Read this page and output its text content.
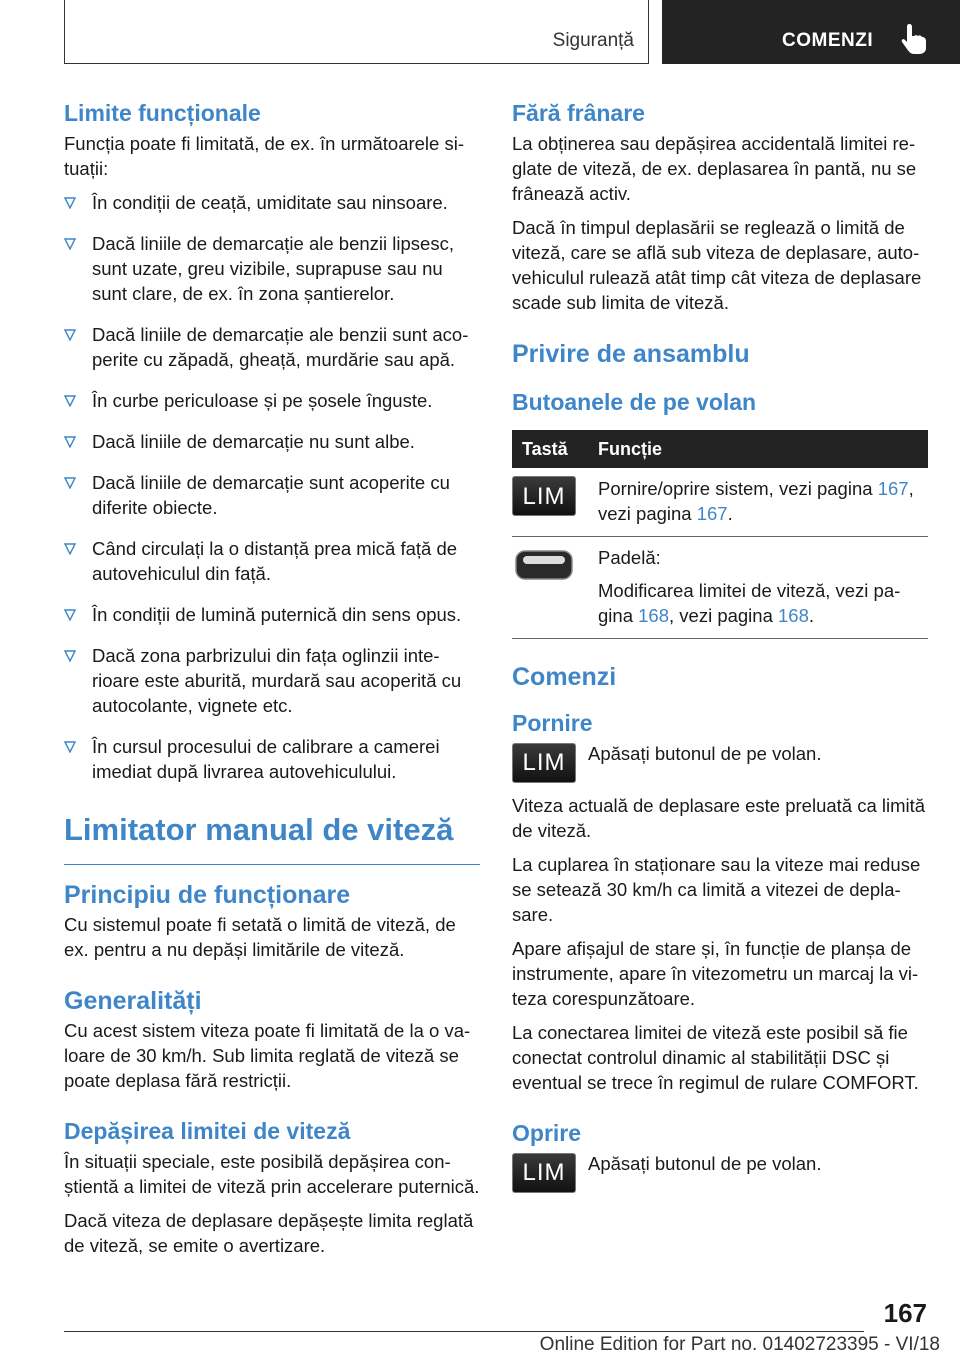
Siguranță	COMENZI
Limite funcționale

Funcția poate fi limitată, de ex. în următoarele situații:

În condiții de ceață, umiditate sau ninsoare.
Dacă liniile de demarcație ale benzii lipsesc, sunt uzate, greu vizibile, suprapuse sau nu sunt clare, de ex. în zona șantierelor.
Dacă liniile de demarcație ale benzii sunt acoperite cu zăpadă, gheață, murdărie sau apă.
În curbe periculoase și pe șosele înguste.
Dacă liniile de demarcație nu sunt albe.
Dacă liniile de demarcație sunt acoperite cu diferite obiecte.
Când circulați la o distanță prea mică față de autovehiculul din față.
În condiții de lumină puternică din sens opus.
Dacă zona parbrizului din fața oglinzii interioare este aburită, murdară sau acoperită cu autocolante, vignete etc.
În cursul procesului de calibrare a camerei imediat după livrarea autovehiculului.
Limitator manual de viteză
Principiu de funcționare

Cu sistemul poate fi setată o limită de viteză, de ex. pentru a nu depăși limitările de viteză.

Generalități

Cu acest sistem viteza poate fi limitată de la o valoare de 30 km/h. Sub limita reglată de viteză se poate deplasa fără restricții.

Depășirea limitei de viteză

În situații speciale, este posibilă depășirea conștientă a limitei de viteză prin accelerare puternică.

Dacă viteza de deplasare depășește limita reglată de viteză, se emite o avertizare.

Fără frânare

La obținerea sau depășirea accidentală limitei reglate de viteză, de ex. deplasarea în pantă, nu se frânează activ.

Dacă în timpul deplasării se reglează o limită de viteză, care se află sub viteza de deplasare, autovehiculul rulează atât timp cât viteza de deplasare scade sub limita de viteză.

Privire de ansamblu
Butoanele de pe volan
Tastă	Funcție

LIM	Pornire/oprire sistem, vezi pagina 167, vezi pagina 167.

Padelă:
Modificarea limitei de viteză, vezi pagina 168, vezi pagina 168.
Comenzi
Pornire
LIM	Apăsați butonul de pe volan.

Viteza actuală de deplasare este preluată ca limită de viteză.

La cuplarea în staționare sau la viteze mai reduse se setează 30 km/h ca limită a vitezei de deplasare.

Apare afișajul de stare și, în funcție de planșa de instrumente, apare în vitezometru un marcaj la viteza corespunzătoare.

La conectarea limitei de viteză este posibil să fie conectat controlul dinamic al stabilității DSC și eventual se trece în regimul de rulare COMFORT.

Oprire
LIM	Apăsați butonul de pe volan.

167
Online Edition for Part no. 01402723395 - VI/18
